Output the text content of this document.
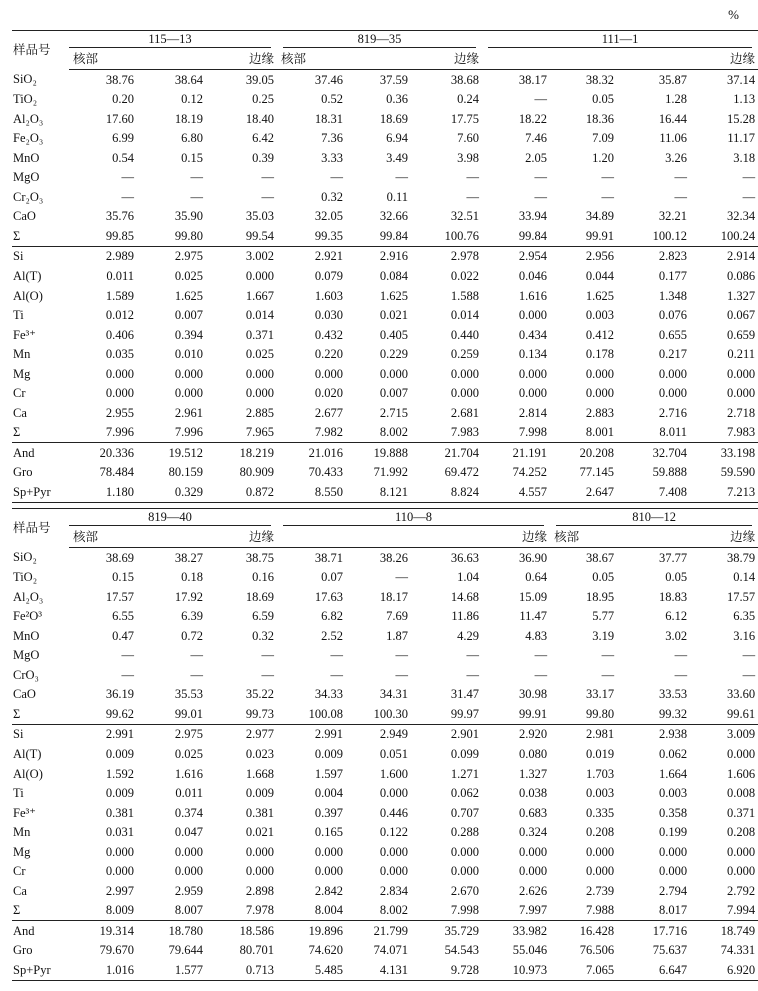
%
样品号	115—13			819—35			111—1			

	核部		边缘	核部		边缘				边缘
SiO₂	38.76	38.64	39.05	37.46	37.59	38.68	38.17	38.32	35.87	37.14
TiO₂	0.20	0.12	0.25	0.52	0.36	0.24	—	0.05	1.28	1.13
Al₂O₃	17.60	18.19	18.40	18.31	18.69	17.75	18.22	18.36	16.44	15.28
Fe₂O₃	6.99	6.80	6.42	7.36	6.94	7.60	7.46	7.09	11.06	11.17
MnO	0.54	0.15	0.39	3.33	3.49	3.98	2.05	1.20	3.26	3.18
MgO	—	—	—	—	—	—	—	—	—	—
Cr₂O₃	—	—	—	0.32	0.11	—	—	—	—	—
CaO	35.76	35.90	35.03	32.05	32.66	32.51	33.94	34.89	32.21	32.34
Σ	99.85	99.80	99.54	99.35	99.84	100.76	99.84	99.91	100.12	100.24
Si	2.989	2.975	3.002	2.921	2.916	2.978	2.954	2.956	2.823	2.914
Al(T)	0.011	0.025	0.000	0.079	0.084	0.022	0.046	0.044	0.177	0.086
Al(O)	1.589	1.625	1.667	1.603	1.625	1.588	1.616	1.625	1.348	1.327
Ti	0.012	0.007	0.014	0.030	0.021	0.014	0.000	0.003	0.076	0.067
Fe³⁺	0.406	0.394	0.371	0.432	0.405	0.440	0.434	0.412	0.655	0.659
Mn	0.035	0.010	0.025	0.220	0.229	0.259	0.134	0.178	0.217	0.211
Mg	0.000	0.000	0.000	0.000	0.000	0.000	0.000	0.000	0.000	0.000
Cr	0.000	0.000	0.000	0.020	0.007	0.000	0.000	0.000	0.000	0.000
Ca	2.955	2.961	2.885	2.677	2.715	2.681	2.814	2.883	2.716	2.718
Σ	7.996	7.996	7.965	7.982	8.002	7.983	7.998	8.001	8.011	7.983
And	20.336	19.512	18.219	21.016	19.888	21.704	21.191	20.208	32.704	33.198
Gro	78.484	80.159	80.909	70.433	71.992	69.472	74.252	77.145	59.888	59.590
Sp+Pyr	1.180	0.329	0.872	8.550	8.121	8.824	4.557	2.647	7.408	7.213
样品号	819—40			110—8				810—12		

	核部		边缘				边缘	核部		边缘
SiO₂	38.69	38.27	38.75	38.71	38.26	36.63	36.90	38.67	37.77	38.79
TiO₂	0.15	0.18	0.16	0.07	—	1.04	0.64	0.05	0.05	0.14
Al₂O₃	17.57	17.92	18.69	17.63	18.17	14.68	15.09	18.95	18.83	17.57
Fe²O³	6.55	6.39	6.59	6.82	7.69	11.86	11.47	5.77	6.12	6.35
MnO	0.47	0.72	0.32	2.52	1.87	4.29	4.83	3.19	3.02	3.16
MgO	—	—	—	—	—	—	—	—	—	—
CrO₃	—	—	—	—	—	—	—	—	—	—
CaO	36.19	35.53	35.22	34.33	34.31	31.47	30.98	33.17	33.53	33.60
Σ	99.62	99.01	99.73	100.08	100.30	99.97	99.91	99.80	99.32	99.61
Si	2.991	2.975	2.977	2.991	2.949	2.901	2.920	2.981	2.938	3.009
Al(T)	0.009	0.025	0.023	0.009	0.051	0.099	0.080	0.019	0.062	0.000
Al(O)	1.592	1.616	1.668	1.597	1.600	1.271	1.327	1.703	1.664	1.606
Ti	0.009	0.011	0.009	0.004	0.000	0.062	0.038	0.003	0.003	0.008
Fe³⁺	0.381	0.374	0.381	0.397	0.446	0.707	0.683	0.335	0.358	0.371
Mn	0.031	0.047	0.021	0.165	0.122	0.288	0.324	0.208	0.199	0.208
Mg	0.000	0.000	0.000	0.000	0.000	0.000	0.000	0.000	0.000	0.000
Cr	0.000	0.000	0.000	0.000	0.000	0.000	0.000	0.000	0.000	0.000
Ca	2.997	2.959	2.898	2.842	2.834	2.670	2.626	2.739	2.794	2.792
Σ	8.009	8.007	7.978	8.004	8.002	7.998	7.997	7.988	8.017	7.994
And	19.314	18.780	18.586	19.896	21.799	35.729	33.982	16.428	17.716	18.749
Gro	79.670	79.644	80.701	74.620	74.071	54.543	55.046	76.506	75.637	74.331
Sp+Pyr	1.016	1.577	0.713	5.485	4.131	9.728	10.973	7.065	6.647	6.920
